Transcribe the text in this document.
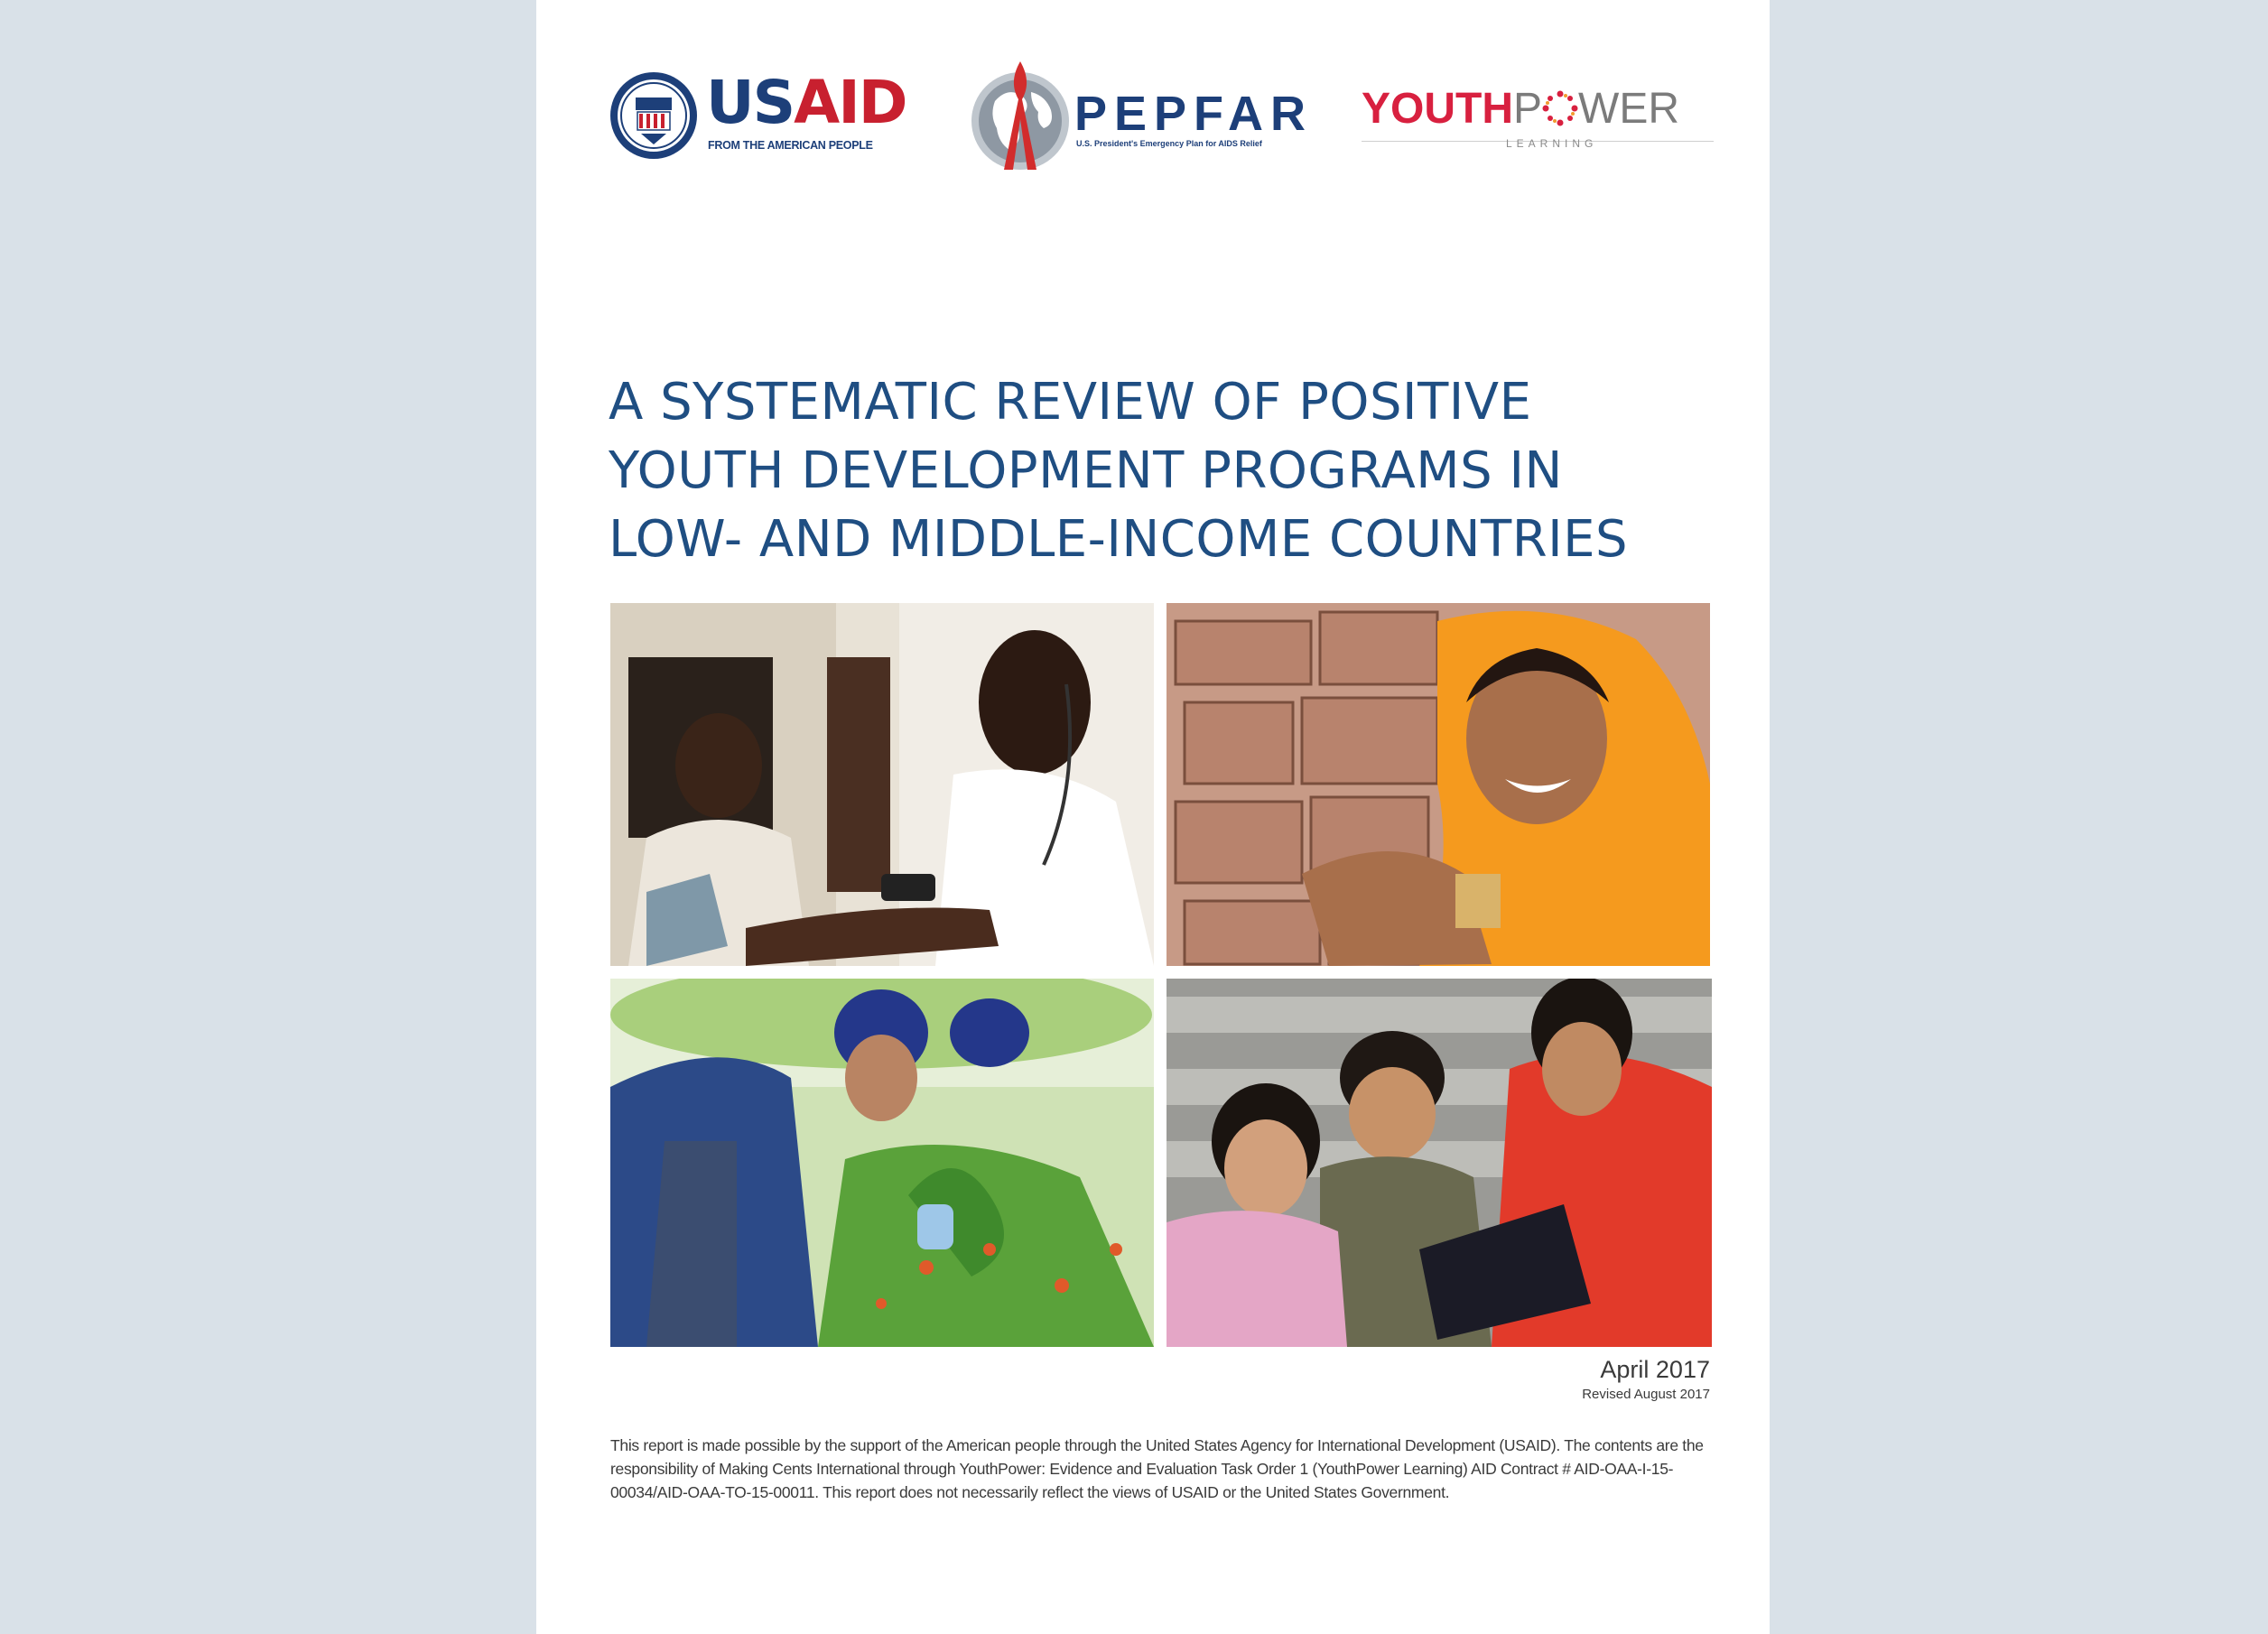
USAID
FROM THE AMERICAN PEOPLE
PEPFAR
U.S. President's Emergency Plan for AIDS Relief
YOUTHP WER
LEARNING
A SYSTEMATIC REVIEW OF POSITIVE
YOUTH DEVELOPMENT PROGRAMS IN
LOW- AND MIDDLE-INCOME COUNTRIES
April 2017
Revised August 2017
This report is made possible by the support of the American people through the United States Agency for International Development (USAID). The contents are the responsibility of Making Cents International through YouthPower: Evidence and Evaluation Task Order 1 (YouthPower Learning) AID Contract # AID-OAA-I-15-00034/AID-OAA-TO-15-00011. This report does not necessarily reflect the views of USAID or the United States Government.
